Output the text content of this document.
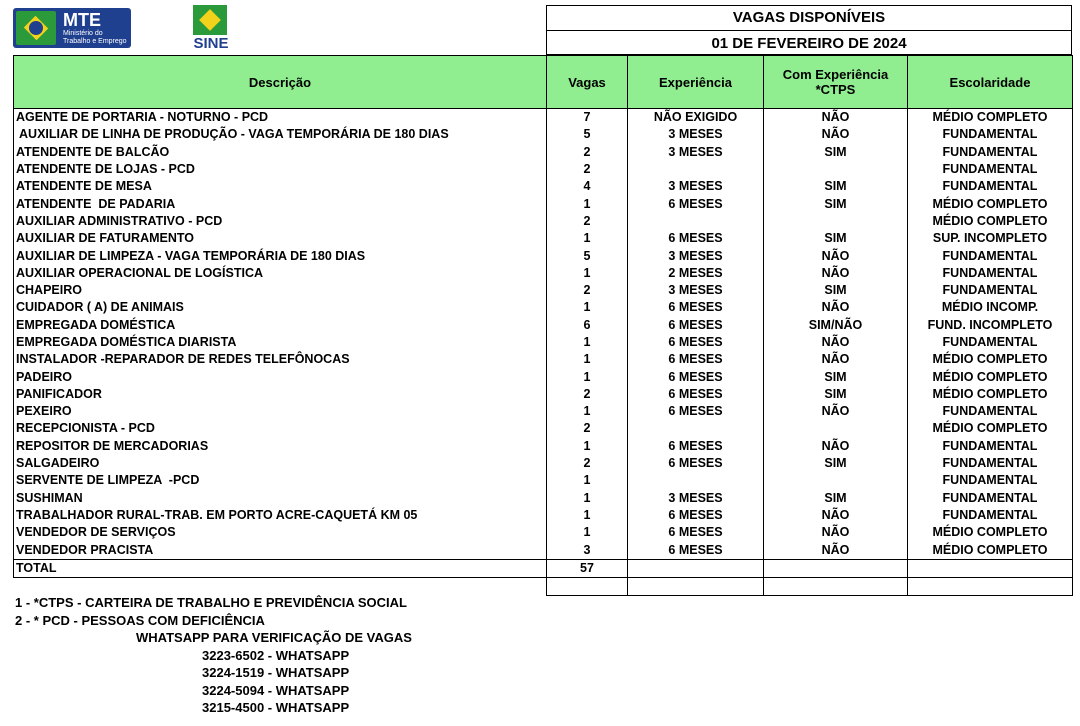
MTE
Ministério do Trabalho e Emprego	SINE
VAGAS DISPONÍVEIS
01 DE FEVEREIRO DE 2024
Descrição	Vagas	Experiência	Com Experiência *CTPS	Escolaridade
AGENTE DE PORTARIA - NOTURNO - PCD	7	NÃO EXIGIDO	NÃO	MÉDIO COMPLETO
AUXILIAR DE LINHA DE PRODUÇÃO - VAGA TEMPORÁRIA DE 180 DIAS	5	3 MESES	NÃO	FUNDAMENTAL
ATENDENTE DE BALCÃO	2	3 MESES	SIM	FUNDAMENTAL
ATENDENTE DE LOJAS - PCD	2			FUNDAMENTAL
ATENDENTE DE MESA	4	3 MESES	SIM	FUNDAMENTAL
ATENDENTE  DE PADARIA	1	6 MESES	SIM	MÉDIO COMPLETO
AUXILIAR ADMINISTRATIVO - PCD	2			MÉDIO COMPLETO
AUXILIAR DE FATURAMENTO	1	6 MESES	SIM	SUP. INCOMPLETO
AUXILIAR DE LIMPEZA - VAGA TEMPORÁRIA DE 180 DIAS	5	3 MESES	NÃO	FUNDAMENTAL
AUXILIAR OPERACIONAL DE LOGÍSTICA	1	2 MESES	NÃO	FUNDAMENTAL
CHAPEIRO	2	3 MESES	SIM	FUNDAMENTAL
CUIDADOR ( A) DE ANIMAIS	1	6 MESES	NÃO	MÉDIO INCOMP.
EMPREGADA DOMÉSTICA	6	6 MESES	SIM/NÃO	FUND. INCOMPLETO
EMPREGADA DOMÉSTICA DIARISTA	1	6 MESES	NÃO	FUNDAMENTAL
INSTALADOR -REPARADOR DE REDES TELEFÔNOCAS	1	6 MESES	NÃO	MÉDIO COMPLETO
PADEIRO	1	6 MESES	SIM	MÉDIO COMPLETO
PANIFICADOR	2	6 MESES	SIM	MÉDIO COMPLETO
PEXEIRO	1	6 MESES	NÃO	FUNDAMENTAL
RECEPCIONISTA - PCD	2			MÉDIO COMPLETO
REPOSITOR DE MERCADORIAS	1	6 MESES	NÃO	FUNDAMENTAL
SALGADEIRO	2	6 MESES	SIM	FUNDAMENTAL
SERVENTE DE LIMPEZA  -PCD	1			FUNDAMENTAL
SUSHIMAN	1	3 MESES	SIM	FUNDAMENTAL
TRABALHADOR RURAL-TRAB. EM PORTO ACRE-CAQUETÁ KM 05	1	6 MESES	NÃO	FUNDAMENTAL
VENDEDOR DE SERVIÇOS	1	6 MESES	NÃO	MÉDIO COMPLETO
VENDEDOR PRACISTA	3	6 MESES	NÃO	MÉDIO COMPLETO
TOTAL	57			

1 - *CTPS - CARTEIRA DE TRABALHO E PREVIDÊNCIA SOCIAL
2 - * PCD - PESSOAS COM DEFICIÊNCIA
WHATSAPP PARA VERIFICAÇÃO DE VAGAS
3223-6502 - WHATSAPP
3224-1519 - WHATSAPP
3224-5094 - WHATSAPP
3215-4500 - WHATSAPP
